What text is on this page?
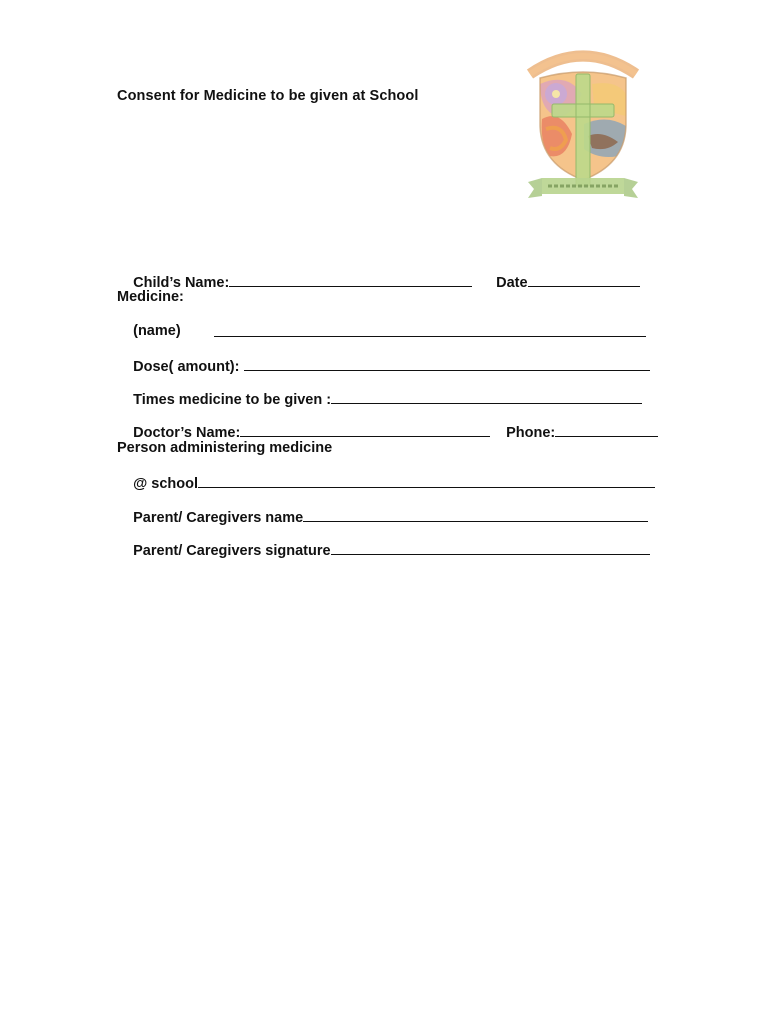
Consent for Medicine to be given at School

Child’s Name:
	Date

Medicine:

(name)

Dose( amount):

Times medicine to be given :

Doctor’s Name:
	Phone:

Person administering medicine

@ school

Parent/ Caregivers name

Parent/ Caregivers signature
